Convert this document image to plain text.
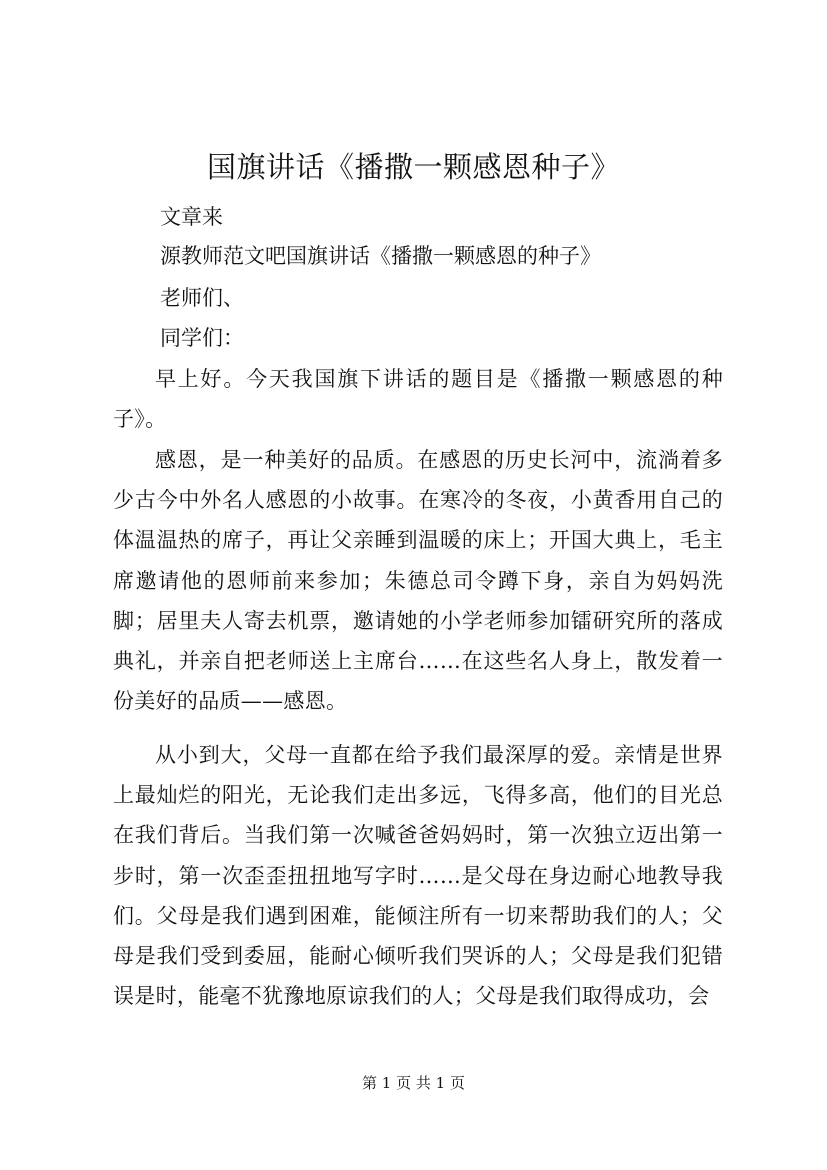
国旗讲话《播撒一颗感恩种子》
文章来
源教师范文吧国旗讲话《播撒一颗感恩的种子》
老师们、
同学们：

早上好。今天我国旗下讲话的题目是《播撒一颗感恩的种子》。

感恩，是一种美好的品质。在感恩的历史长河中，流淌着多少古今中外名人感恩的小故事。在寒冷的冬夜，小黄香用自己的体温温热的席子，再让父亲睡到温暖的床上；开国大典上，毛主席邀请他的恩师前来参加；朱德总司令蹲下身，亲自为妈妈洗脚；居里夫人寄去机票，邀请她的小学老师参加镭研究所的落成典礼，并亲自把老师送上主席台……在这些名人身上，散发着一份美好的品质——感恩。

从小到大，父母一直都在给予我们最深厚的爱。亲情是世界上最灿烂的阳光，无论我们走出多远，飞得多高，他们的目光总在我们背后。当我们第一次喊爸爸妈妈时，第一次独立迈出第一步时，第一次歪歪扭扭地写字时……是父母在身边耐心地教导我们。父母是我们遇到困难，能倾注所有一切来帮助我们的人；父母是我们受到委屈，能耐心倾听我们哭诉的人；父母是我们犯错误是时，能毫不犹豫地原谅我们的人；父母是我们取得成功，会

第 1 页 共 1 页
